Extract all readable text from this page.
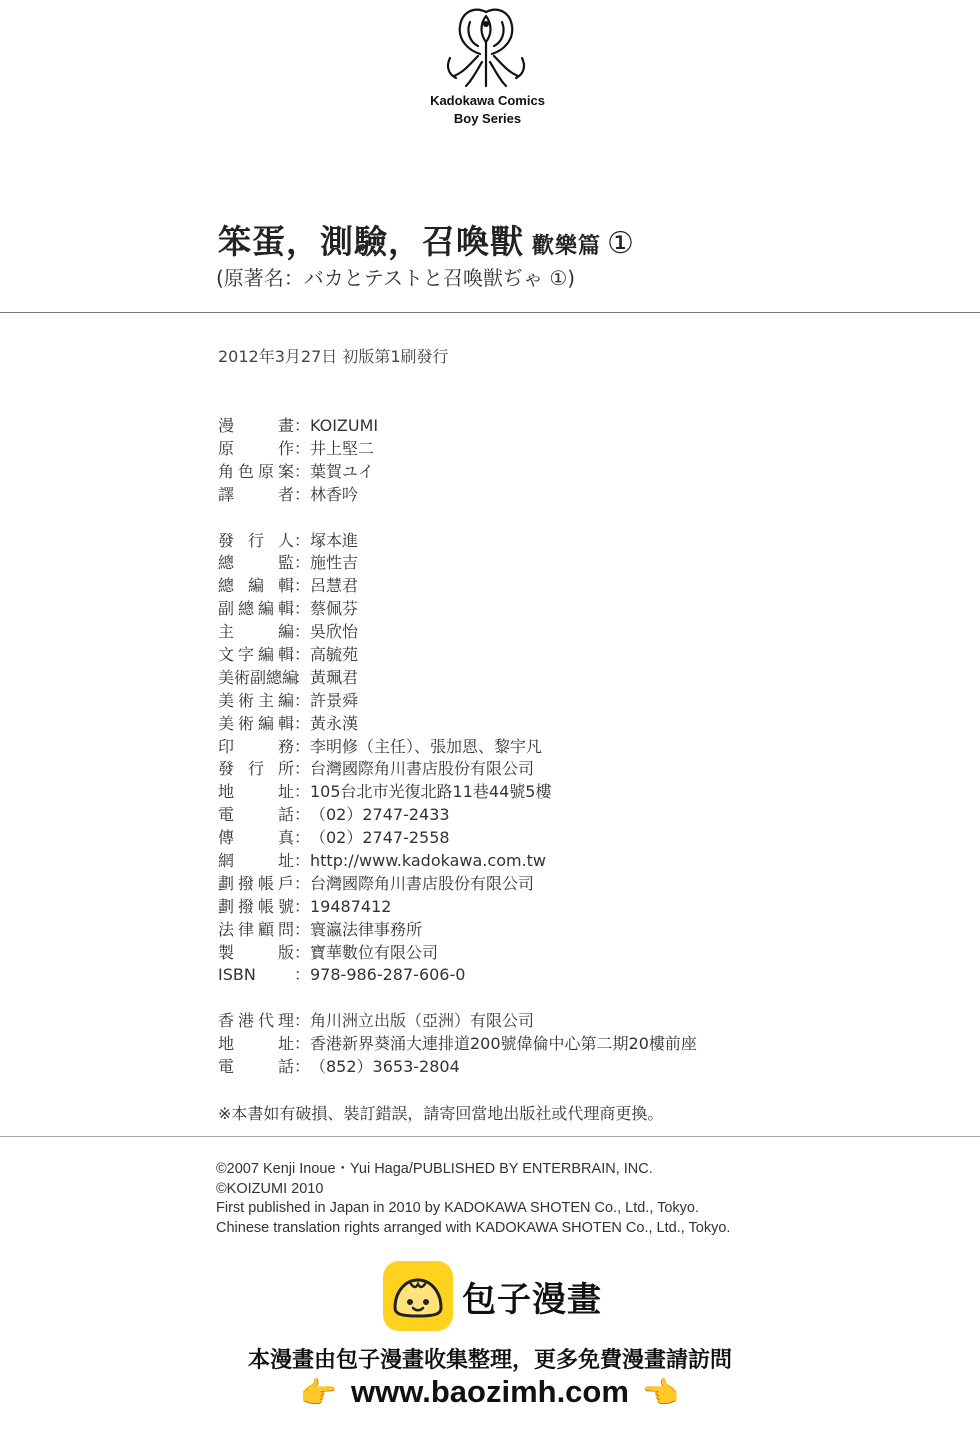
Kadokawa Comics
Boy Series
笨蛋，測驗，召喚獸 歡樂篇 ①
(原著名：バカとテストと召喚獣ぢゃ ①)
2012年3月27日 初版第1刷發行
漫畫 ： KOIZUMI
原作 ： 井上堅二
角色原案 ： 葉賀ユイ
譯者 ： 林香吟
發行人 ： 塚本進
總監 ： 施性吉
總編輯 ： 呂慧君
副總編輯 ： 蔡佩芬
主編 ： 吳欣怡
文字編輯 ： 高毓苑
美術副總編
： 黃珮君
美術主編 ： 許景舜
美術編輯 ： 黃永漢
印務 ： 李明修（主任）、張加恩、黎宇凡
發行所 ： 台灣國際角川書店股份有限公司
地址 ： 105台北市光復北路11巷44號5樓
電話 ： （02）2747-2433
傳真 ： （02）2747-2558
網址 ： http://www.kadokawa.com.tw
劃撥帳戶 ： 台灣國際角川書店股份有限公司
劃撥帳號 ： 19487412
法律顧問 ： 寰瀛法律事務所
製版 ： 寶華數位有限公司
ISBN	： 978-986-287-606-0
香港代理 ： 角川洲立出版（亞洲）有限公司
地址 ： 香港新界葵涌大連排道200號偉倫中心第二期20樓前座
電話 ： （852）3653-2804
※本書如有破損、裝訂錯誤，請寄回當地出版社或代理商更換。
©2007 Kenji Inoue・Yui Haga/PUBLISHED BY ENTERBRAIN, INC.
©KOIZUMI 2010
First published in Japan in 2010 by KADOKAWA SHOTEN Co., Ltd., Tokyo.
Chinese translation rights arranged with KADOKAWA SHOTEN Co., Ltd., Tokyo.
包子漫畫
本漫畫由包子漫畫收集整理，更多免費漫畫請訪問
👉 www.baozimh.com 👉
